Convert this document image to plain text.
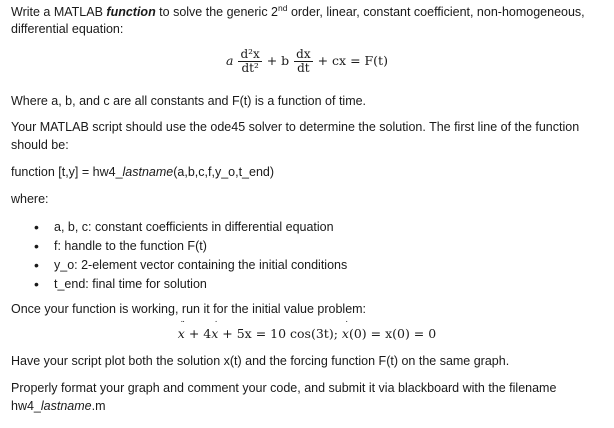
Write a MATLAB function to solve the generic 2nd order, linear, constant coefficient, non-homogeneous,
differential equation:
a $\frac{\text{d²x}}{\text{dt²}} + b \frac{dx}{dt}$ + cx = F(t)
Where a, b, and c are all constants and F(t) is a function of time.
Your MATLAB script should use the ode45 solver to determine the solution. The first line of the function
should be:
function [t,y] = hw4_lastname(a,b,c,f,y_o,t_end)
where:
• a, b, c: constant coefficients in differential equation
• f: handle to the function F(t)
• y_o: 2-element vector containing the initial conditions
• t_end: final time for solution
Once your function is working, run it for the initial value problem:
x ¨ + 4x ˙ + 5x = 10 cos(3t); x ˙(0) = x(0) = 0
Have your script plot both the solution x(t) and the forcing function F(t) on the same graph.
Properly format your graph and comment your code, and submit it via blackboard with the filename
hw4_lastname.m
